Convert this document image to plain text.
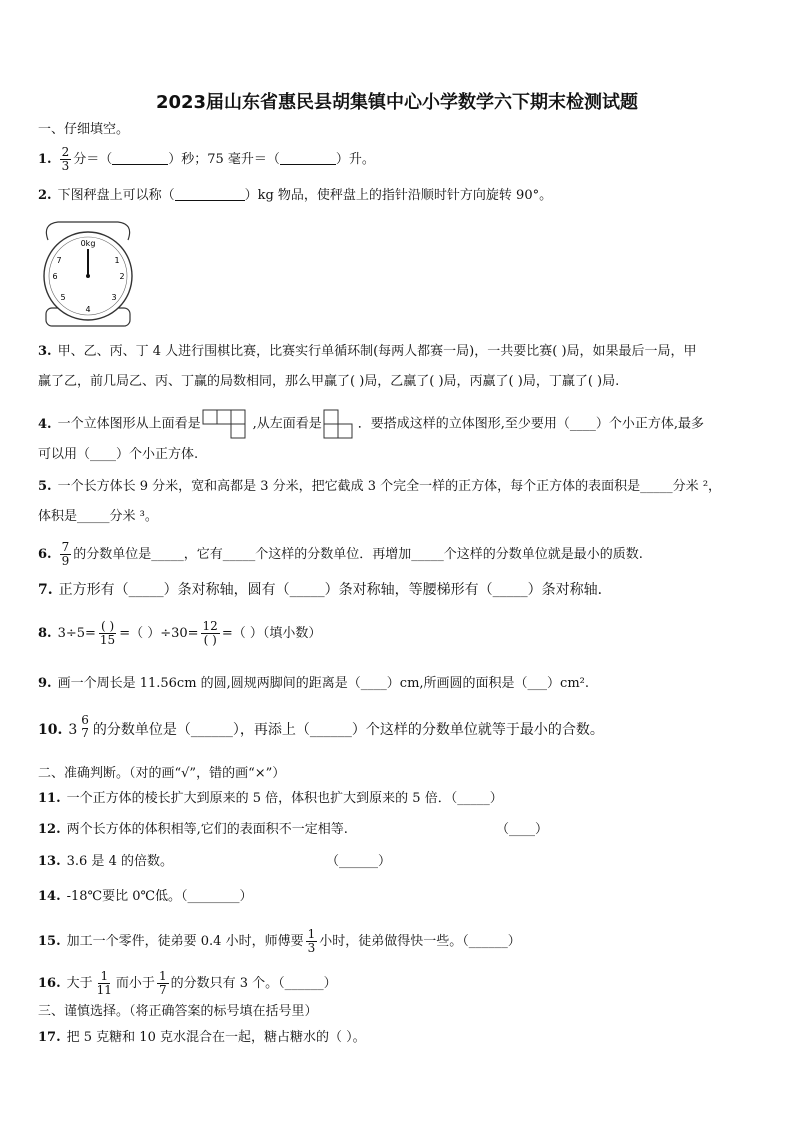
2023届山东省惠民县胡集镇中心小学数学六下期末检测试题
一、仔细填空。
1. $\frac{2}{3}$ 分＝（	）秒；75 毫升＝（	）升。
2. 下图秤盘上可以称（	）kg 物品，使秤盘上的指针沿顺时针方向旋转 90°。
0kg
1
2
3
4
5
6
7
3. 甲、乙、丙、丁 4 人进行围棋比赛，比赛实行单循环制(每两人都赛一局)，一共要比赛( )局，如果最后一局，甲
赢了乙，前几局乙、丙、丁赢的局数相同，那么甲赢了( )局，乙赢了( )局，丙赢了( )局，丁赢了( )局.
4. 一个立体图形从上面看是	,从左面看是	．要搭成这样的立体图形,至少要用（____）个小正方体,最多
可以用（____）个小正方体.
5. 一个长方体长 9 分米，宽和高都是 3 分米，把它截成 3 个完全一样的正方体，每个正方体的表面积是_____分米 ²，
体积是_____分米 ³。
6. $\frac{7}{9}$ 的分数单位是_____，它有_____个这样的分数单位．再增加_____个这样的分数单位就是最小的质数.
7. 正方形有（_____）条对称轴，圆有（_____）条对称轴，等腰梯形有（_____）条对称轴．
8. $3\div 5= \frac{( )}{15}$ =（ ）$\div 30= \frac{12}{( )}$ =（ ）（填小数）
9. 画一个周长是 11.56cm 的圆,圆规两脚间的距离是（____）cm,所画圆的面积是（___）cm².
10. 3
6
7 的分数单位是（______），再添上（______）个这样的分数单位就等于最小的合数。
二、准确判断。（对的画“√”，错的画“×”）
11. 一个正方体的棱长扩大到原来的 5 倍，体积也扩大到原来的 5 倍．（_____）
12. 两个长方体的体积相等,它们的表面积不一定相等.	（____）
13. 3.6 是 4 的倍数。	（______）
14. -18℃要比 0℃低。（________）
15. 加工一个零件，徒弟要 0.4 小时，师傅要 $\frac{1}{3}$ 小时，徒弟做得快一些。（______）
16. 大于 $\frac{1}{11}$ 而小于 $\frac{1}{7}$ 的分数只有 3 个。（______）
三、谨慎选择。（将正确答案的标号填在括号里）
17. 把 5 克糖和 10 克水混合在一起，糖占糖水的（ ）。
